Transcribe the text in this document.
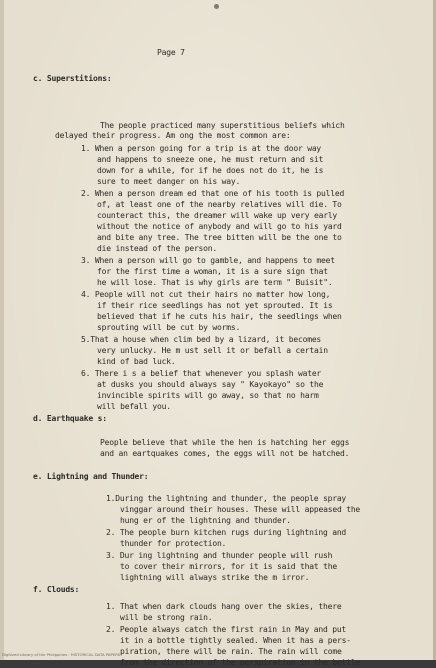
Page 7
c. Superstitions:
The people practiced many superstitious beliefs which
delayed their progress. Am ong the most common are:
1. When a person going for a trip is at the door way
and happens to sneeze one, he must return and sit
down for a while, for if he does not do it, he is
sure to meet danger on his way.
2. When a person dream ed that one of his tooth is pulled
of, at least one of the nearby relatives will die. To
counteract this, the dreamer will wake up very early
without the notice of anybody and will go to his yard
and bite any tree. The tree bitten will be the one to
die instead of the person.
3. When a person will go to gamble, and happens to meet
for the first time a woman, it is a sure sign that
he will lose. That is why girls are term " Buisit".
4. People will not cut their hairs no matter how long,
if their rice seedlings has not yet sprouted. It is
believed that if he cuts his hair, the seedlings when
sprouting will be cut by worms.
5.That a house when clim bed by a lizard, it becomes
very unlucky. He m ust sell it or befall a certain
kind of bad luck.
6. There i s a belief that whenever you splash water
at dusks you should always say " Kayokayo" so the
invincible spirits will go away, so that no harm
will befall you.
d. Earthquake s:
People believe that while the hen is hatching her eggs
and an eartquakes comes, the eggs will not be hatched.
e. Lightning and Thunder:
1.During the lightning and thunder, the people spray
vinggar around their houses. These will appeased the
hung er of the lightning and thunder.
2. The people burn kitchen rugs during lightning and
thunder for protection.
3. Dur ing lightning and thunder people will rush
to cover their mirrors, for it is said that the
lightning will always strike the m irror.
f. Clouds:
1. That when dark clouds hang over the skies, there
will be strong rain.
2. People always catch the first rain in May and put
it in a bottle tightly sealed. When it has a pers-
piration, there will be rain. The rain will come
from the direction of the perspiration in the bottle
Digitized Library of the Philippines · HISTORICAL DATA PAPERS
